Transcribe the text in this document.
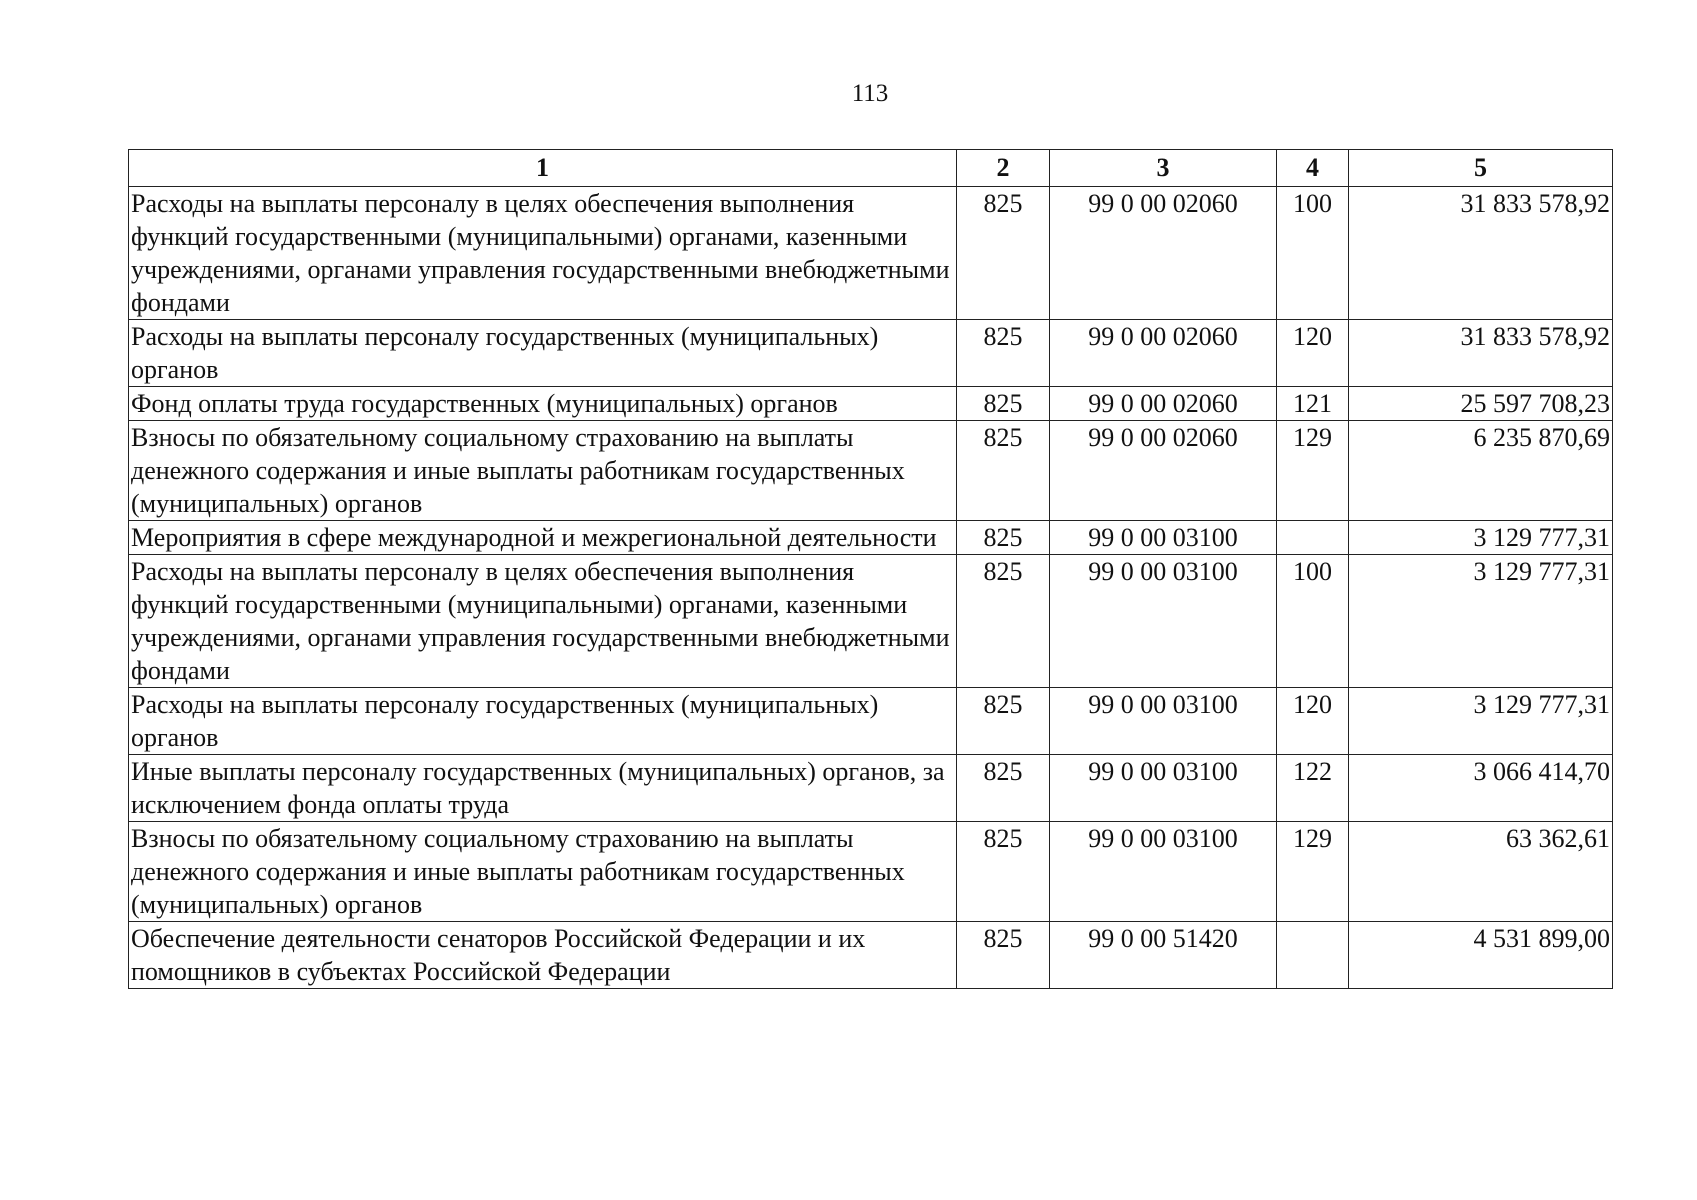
113
1	2	3	4	5
Расходы на выплаты персоналу в целях обеспечения выполнения функций государственными (муниципальными) органами, казенными учреждениями, органами управления государственными внебюджетными фондами	825	99 0 00 02060	100	31 833 578,92
Расходы на выплаты персоналу государственных (муниципальных) органов	825	99 0 00 02060	120	31 833 578,92
Фонд оплаты труда государственных (муниципальных) органов	825	99 0 00 02060	121	25 597 708,23
Взносы по обязательному социальному страхованию на выплаты денежного содержания и иные выплаты работникам государственных (муниципальных) органов	825	99 0 00 02060	129	6 235 870,69
Мероприятия в сфере международной и межрегиональной деятельности	825	99 0 00 03100		3 129 777,31
Расходы на выплаты персоналу в целях обеспечения выполнения функций государственными (муниципальными) органами, казенными учреждениями, органами управления государственными внебюджетными фондами	825	99 0 00 03100	100	3 129 777,31
Расходы на выплаты персоналу государственных (муниципальных) органов	825	99 0 00 03100	120	3 129 777,31
Иные выплаты персоналу государственных (муниципальных) органов, за исключением фонда оплаты труда	825	99 0 00 03100	122	3 066 414,70
Взносы по обязательному социальному страхованию на выплаты денежного содержания и иные выплаты работникам государственных (муниципальных) органов	825	99 0 00 03100	129	63 362,61
Обеспечение деятельности сенаторов Российской Федерации и их помощников в субъектах Российской Федерации	825	99 0 00 51420		4 531 899,00
